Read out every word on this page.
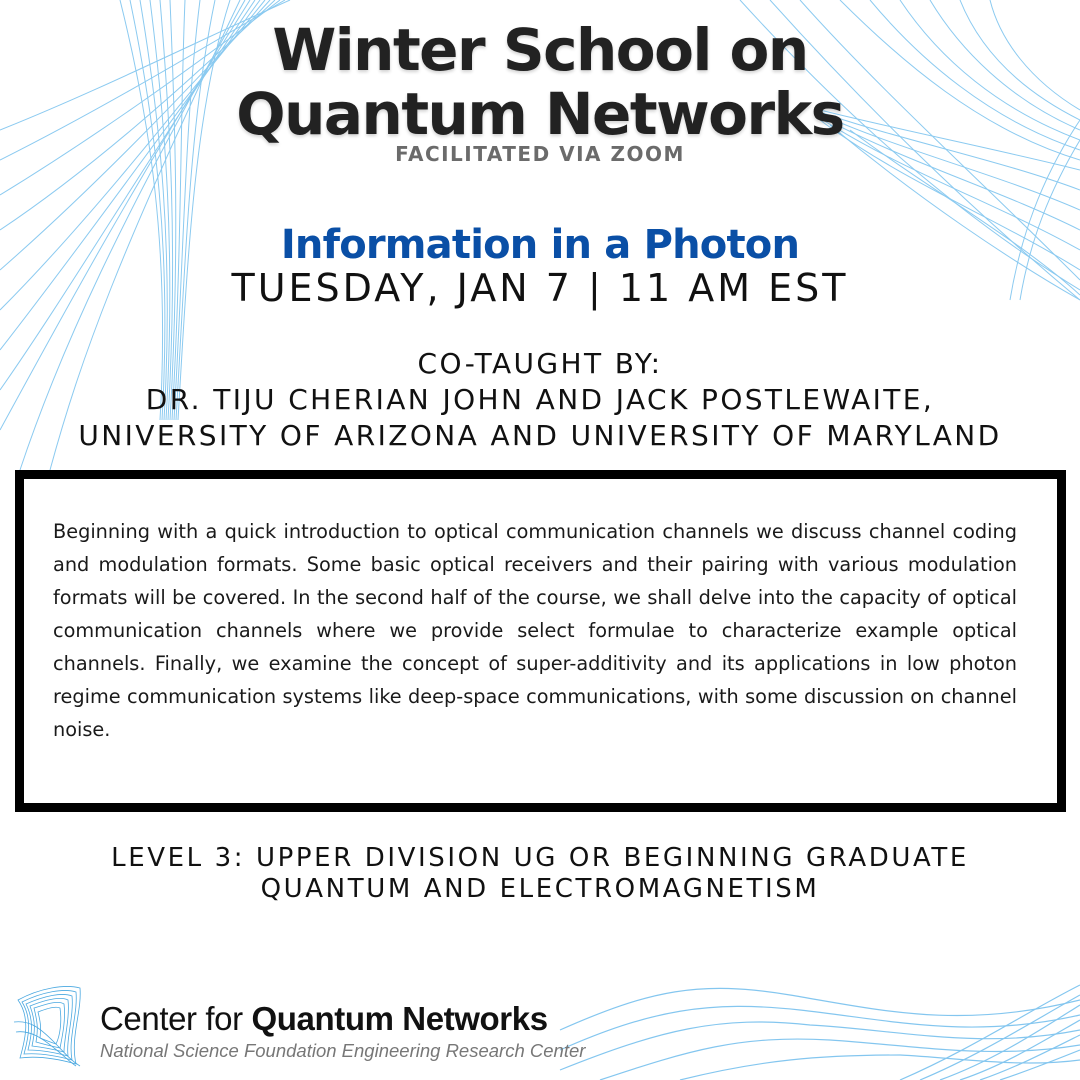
Winter School on
Quantum Networks
FACILITATED VIA ZOOM
Information in a Photon
TUESDAY, JAN 7 | 11 AM EST
CO-TAUGHT BY:
DR. TIJU CHERIAN JOHN AND JACK POSTLEWAITE,
UNIVERSITY OF ARIZONA AND UNIVERSITY OF MARYLAND

Beginning with a quick introduction to optical communication channels we discuss channel coding and modulation formats. Some basic optical receivers and their pairing with various modulation formats will be covered. In the second half of the course, we shall delve into the capacity of optical communication channels where we provide select formulae to characterize example optical channels. Finally, we examine the concept of super-additivity and its applications in low photon regime communication systems like deep-space communications, with some discussion on channel noise.

LEVEL 3: UPPER DIVISION UG OR BEGINNING GRADUATE
QUANTUM AND ELECTROMAGNETISM
Center for Quantum Networks
National Science Foundation Engineering Research Center
